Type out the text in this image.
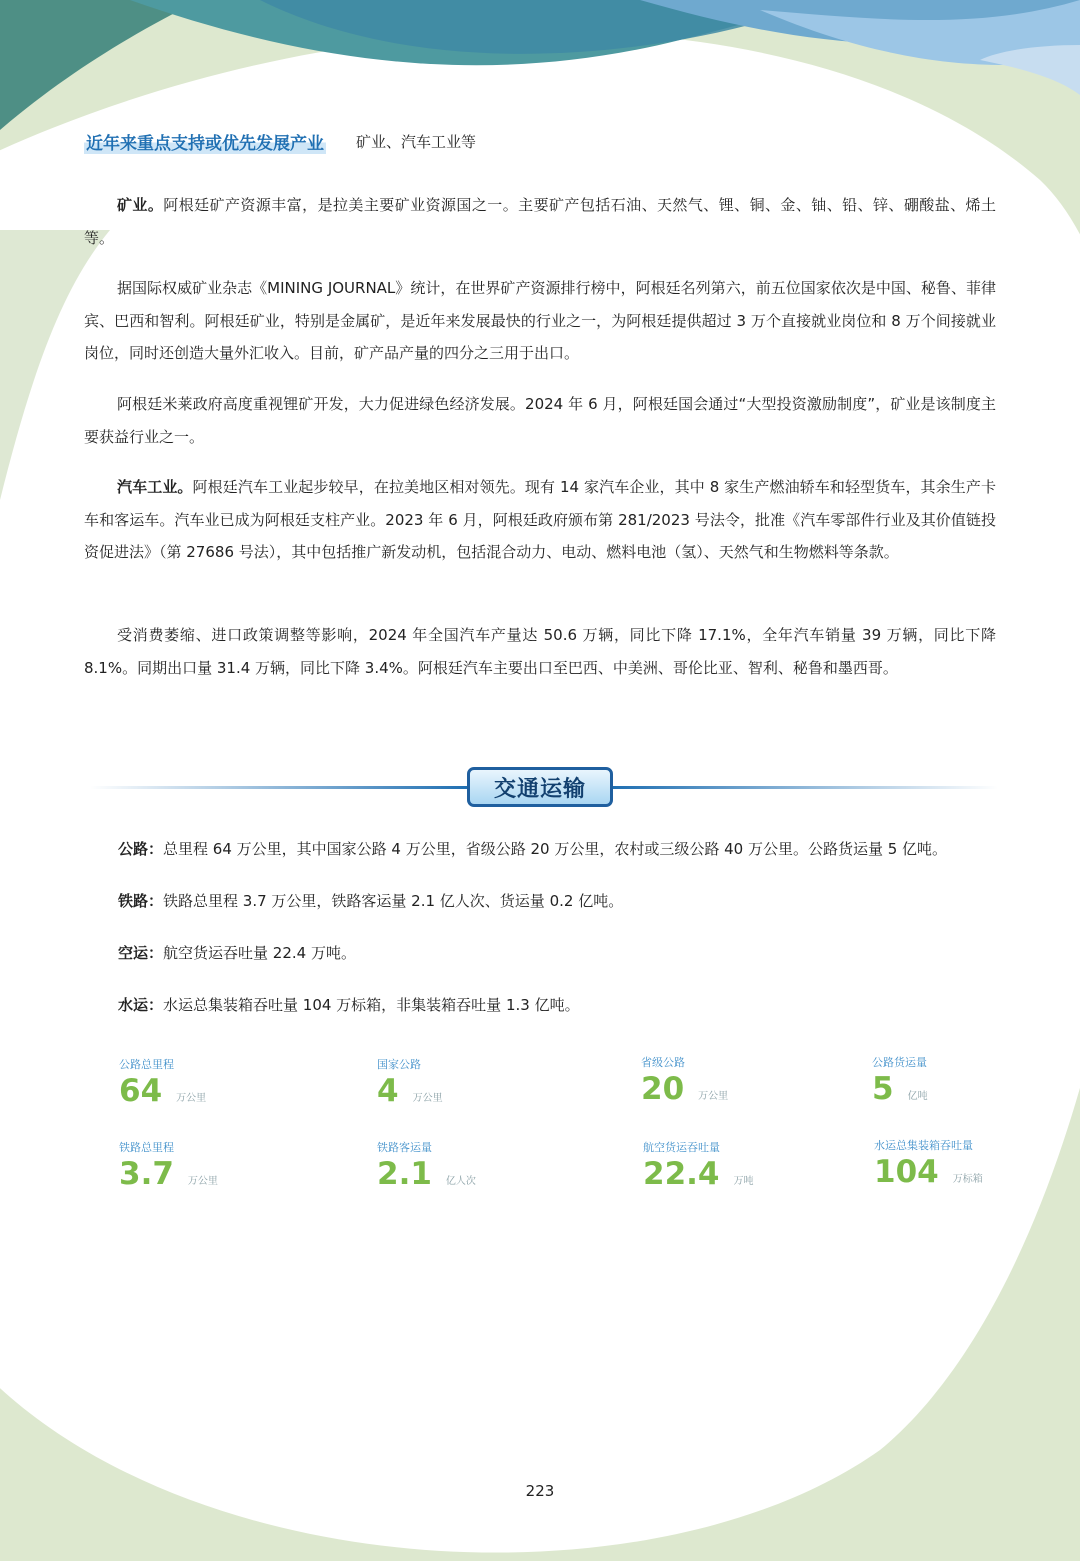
近年来重点支持或优先发展产业 矿业、汽车工业等

矿业。阿根廷矿产资源丰富，是拉美主要矿业资源国之一。主要矿产包括石油、天然气、锂、铜、金、铀、铅、锌、硼酸盐、烯土等。

据国际权威矿业杂志《MINING JOURNAL》统计，在世界矿产资源排行榜中，阿根廷名列第六，前五位国家依次是中国、秘鲁、菲律宾、巴西和智利。阿根廷矿业，特别是金属矿，是近年来发展最快的行业之一，为阿根廷提供超过 3 万个直接就业岗位和 8 万个间接就业岗位，同时还创造大量外汇收入。目前，矿产品产量的四分之三用于出口。

阿根廷米莱政府高度重视锂矿开发，大力促进绿色经济发展。2024 年 6 月，阿根廷国会通过“大型投资激励制度”，矿业是该制度主要获益行业之一。

汽车工业。阿根廷汽车工业起步较早，在拉美地区相对领先。现有 14 家汽车企业，其中 8 家生产燃油轿车和轻型货车，其余生产卡车和客运车。汽车业已成为阿根廷支柱产业。2023 年 6 月，阿根廷政府颁布第 281/2023 号法令，批准《汽车零部件行业及其价值链投资促进法》（第 27686 号法），其中包括推广新发动机，包括混合动力、电动、燃料电池（氢）、天然气和生物燃料等条款。

受消费萎缩、进口政策调整等影响，2024 年全国汽车产量达 50.6 万辆，同比下降 17.1%，全年汽车销量 39 万辆，同比下降 8.1%。同期出口量 31.4 万辆，同比下降 3.4%。阿根廷汽车主要出口至巴西、中美洲、哥伦比亚、智利、秘鲁和墨西哥。

交通运输
公路：总里程 64 万公里，其中国家公路 4 万公里，省级公路 20 万公里，农村或三级公路 40 万公里。公路货运量 5 亿吨。
铁路：铁路总里程 3.7 万公里，铁路客运量 2.1 亿人次、货运量 0.2 亿吨。
空运：航空货运吞吐量 22.4 万吨。
水运：水运总集装箱吞吐量 104 万标箱，非集装箱吞吐量 1.3 亿吨。
公路总里程
64 万公里
国家公路
4 万公里
省级公路
20 万公里
公路货运量
5 亿吨
铁路总里程
3.7 万公里
铁路客运量
2.1 亿人次
航空货运吞吐量
22.4 万吨
水运总集装箱吞吐量
104 万标箱
223
